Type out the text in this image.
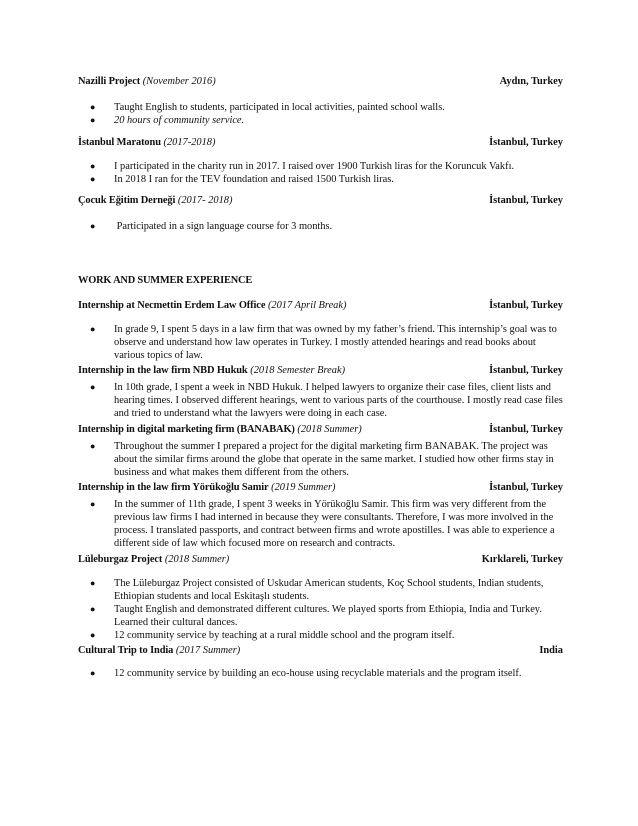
Nazilli Project (November 2016)	Aydın, Turkey
●	Taught English to students, participated in local activities, painted school walls.
●	20 hours of community service.
İstanbul Maratonu (2017-2018)	İstanbul, Turkey
●	I participated in the charity run in 2017. I raised over 1900 Turkish liras for the Koruncuk Vakfı.
●	In 2018 I ran for the TEV foundation and raised 1500 Turkish liras.
Çocuk Eğitim Derneği (2017- 2018)	İstanbul, Turkey
●	Participated in a sign language course for 3 months.
WORK AND SUMMER EXPERIENCE
Internship at Necmettin Erdem Law Office (2017 April Break)	İstanbul, Turkey
●	In grade 9, I spent 5 days in a law firm that was owned by my father’s friend. This internship’s goal was to observe and understand how law operates in Turkey. I mostly attended hearings and read books about various topics of law.
Internship in the law firm NBD Hukuk (2018 Semester Break)	İstanbul, Turkey
●	In 10th grade, I spent a week in NBD Hukuk. I helped lawyers to organize their case files, client lists and hearing times. I observed different hearings, went to various parts of the courthouse. I mostly read case files and tried to understand what the lawyers were doing in each case.
Internship in digital marketing firm (BANABAK) (2018 Summer)	İstanbul, Turkey
●	Throughout the summer I prepared a project for the digital marketing firm BANABAK. The project was about the similar firms around the globe that operate in the same market. I studied how other firms stay in business and what makes them different from the others.
Internship in the law firm Yörükoğlu Samir (2019 Summer)	İstanbul, Turkey
●	In the summer of 11th grade, I spent 3 weeks in Yörükoğlu Samir. This firm was very different from the previous law firms I had interned in because they were consultants. Therefore, I was more involved in the process. I translated passports, and contract between firms and wrote apostilles. I was able to experience a different side of law which focused more on research and contracts.
Lüleburgaz Project (2018 Summer)	Kırklareli, Turkey
●	The Lüleburgaz Project consisted of Uskudar American students, Koç School students, Indian students, Ethiopian students and local Eskitaşlı students.
●	Taught English and demonstrated different cultures. We played sports from Ethiopia, India and Turkey. Learned their cultural dances.
●	12 community service by teaching at a rural middle school and the program itself.
Cultural Trip to India (2017 Summer)	India
●	12 community service by building an eco-house using recyclable materials and the program itself.
